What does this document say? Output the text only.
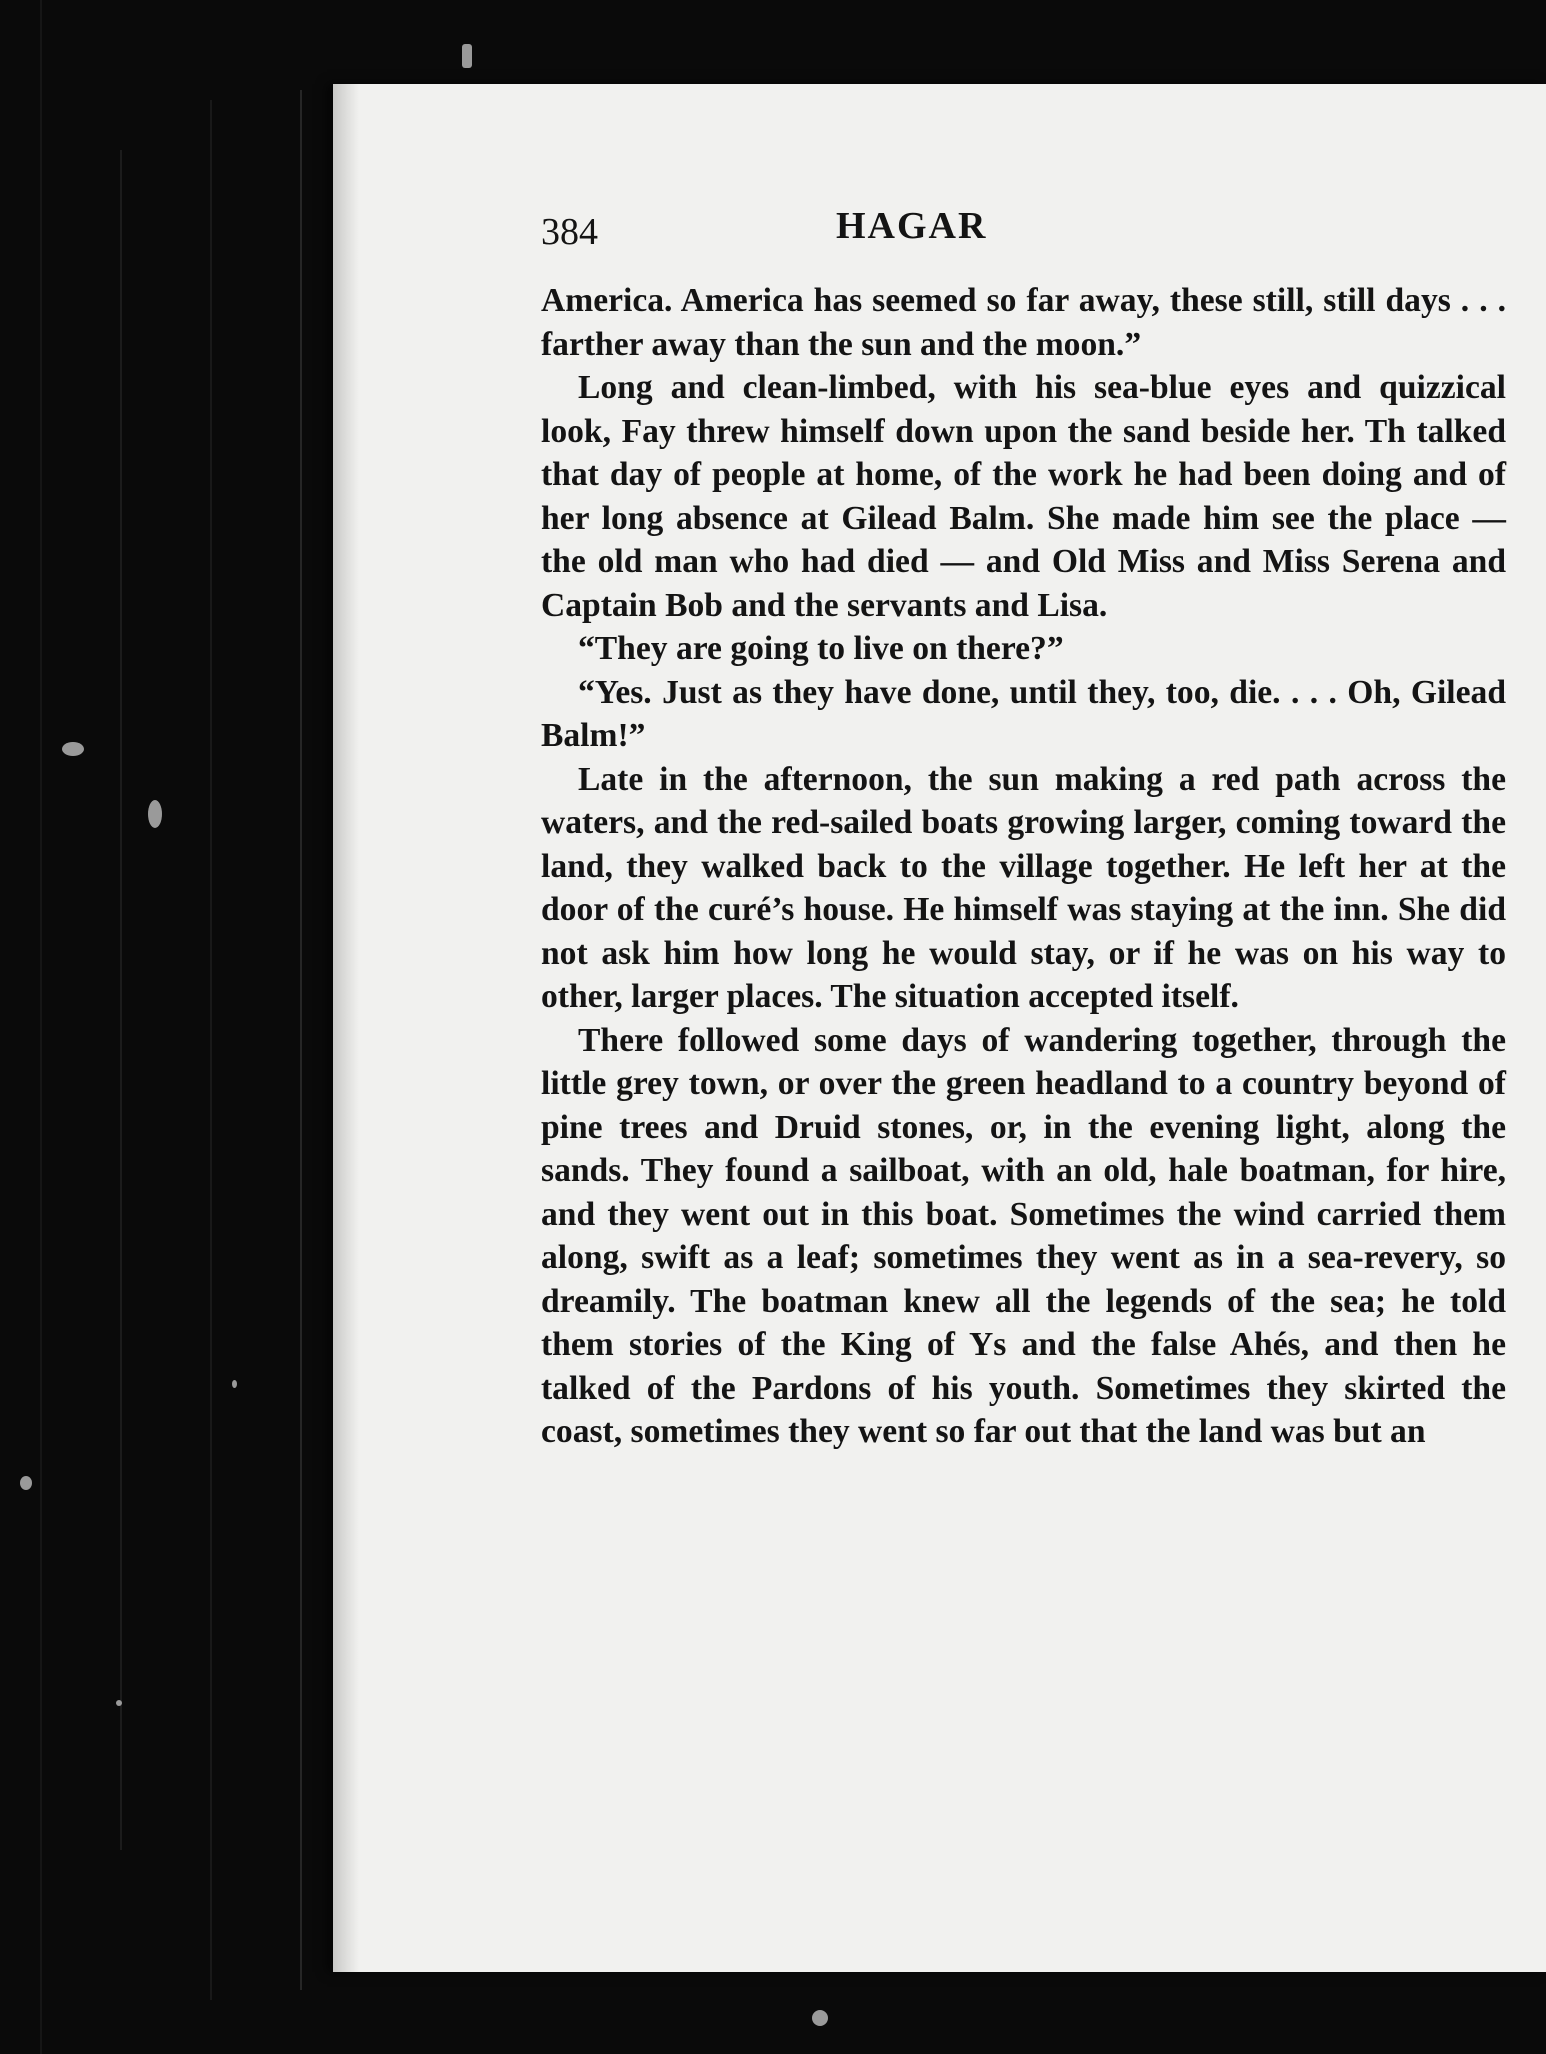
384	HAGAR

America. America has seemed so far away, these still, still days . . . farther away than the sun and the moon.”

Long and clean-limbed, with his sea-blue eyes and quizzical look, Fay threw himself down upon the sand beside her. Th talked that day of people at home, of the work he had been doing and of her long absence at Gilead Balm. She made him see the place — the old man who had died — and Old Miss and Miss Serena and Captain Bob and the servants and Lisa.

“They are going to live on there?”

“Yes. Just as they have done, until they, too, die. . . . Oh, Gilead Balm!”

Late in the afternoon, the sun making a red path across the waters, and the red-sailed boats growing larger, coming toward the land, they walked back to the village together. He left her at the door of the curé’s house. He himself was staying at the inn. She did not ask him how long he would stay, or if he was on his way to other, larger places. The situation accepted itself.

There followed some days of wandering together, through the little grey town, or over the green headland to a country beyond of pine trees and Druid stones, or, in the evening light, along the sands. They found a sailboat, with an old, hale boatman, for hire, and they went out in this boat. Sometimes the wind carried them along, swift as a leaf; sometimes they went as in a sea-revery, so dreamily. The boatman knew all the legends of the sea; he told them stories of the King of Ys and the false Ahés, and then he talked of the Pardons of his youth. Sometimes they skirted the coast, sometimes they went so far out that the land was but an
